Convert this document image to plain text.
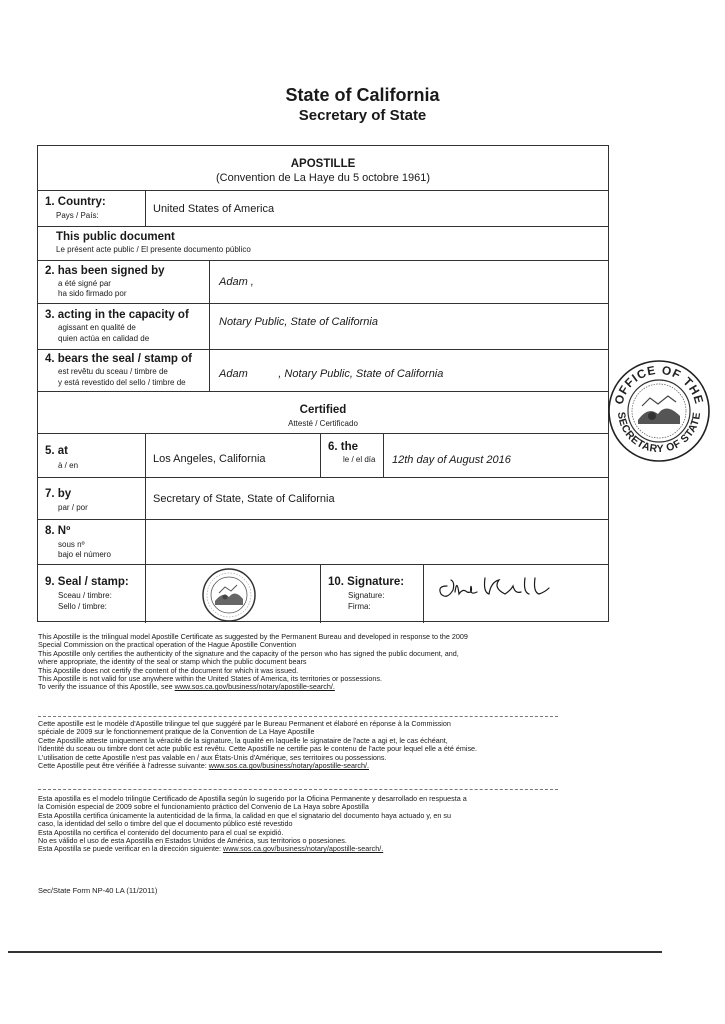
State of California
Secretary of State
APOSTILLE
(Convention de La Haye du 5 octobre 1961)
1. Country:
Pays / País:
United States of America
This public document
Le présent acte public / El presente documento público
2. has been signed by
a été signé par
ha sido firmado por
Adam ,
3. acting in the capacity of
agissant en qualité de
quien actúa en calidad de
Notary Public, State of California
4. bears the seal / stamp of
est revêtu du sceau / timbre de
y está revestido del sello / timbre de
Adam          , Notary Public, State of California
Certified
Attesté / Certificado
5. at
à / en
Los Angeles, California
6. the
le / el día 12th day of August 2016
7. by
par / por
Secretary of State, State of California
8. Nº
sous nº
bajo el número
9. Seal / stamp:
Sceau / timbre:
Sello / timbre:
10. Signature:
Signature:
Firma:
OFFICE OF THE
SECRETARY OF STATE
This Apostille is the trilingual model Apostille Certificate as suggested by the Permanent Bureau and developed in response to the 2009
Special Commission on the practical operation of the Hague Apostille Convention
This Apostille only certifies the authenticity of the signature and the capacity of the person who has signed the public document, and,
where appropriate, the identity of the seal or stamp which the public document bears
This Apostille does not certify the content of the document for which it was issued.
This Apostille is not valid for use anywhere within the United States of America, its territories or possessions.
To verify the issuance of this Apostille, see www.sos.ca.gov/business/notary/apostille-search/.
Cette apostille est le modèle d'Apostille trilingue tel que suggéré par le Bureau Permanent et élaboré en réponse à la Commission
spéciale de 2009 sur le fonctionnement pratique de la Convention de La Haye Apostille
Cette Apostille atteste uniquement la véracité de la signature, la qualité en laquelle le signataire de l'acte a agi et, le cas échéant,
l'identité du sceau ou timbre dont cet acte public est revêtu. Cette Apostille ne certifie pas le contenu de l'acte pour lequel elle a été émise.
L'utilisation de cette Apostille n'est pas valable en / aux États-Unis d'Amérique, ses territoires ou possessions.
Cette Apostille peut être vérifiée à l'adresse suivante: www.sos.ca.gov/business/notary/apostille-search/.
Esta apostilla es el modelo trilingüe Certificado de Apostilla según lo sugerido por la Oficina Permanente y desarrollado en respuesta a
la Comisión especial de 2009 sobre el funcionamiento práctico del Convenio de La Haya sobre Apostilla
Esta Apostilla certifica únicamente la autenticidad de la firma, la calidad en que el signatario del documento haya actuado y, en su
caso, la identidad del sello o timbre del que el documento público esté revestido
Esta Apostilla no certifica el contenido del documento para el cual se expidió.
No es válido el uso de esta Apostilla en Estados Unidos de América, sus territorios o posesiones.
Esta Apostilla se puede verificar en la dirección siguiente: www.sos.ca.gov/business/notary/apostille-search/.
Sec/State Form NP-40 LA (11/2011)
